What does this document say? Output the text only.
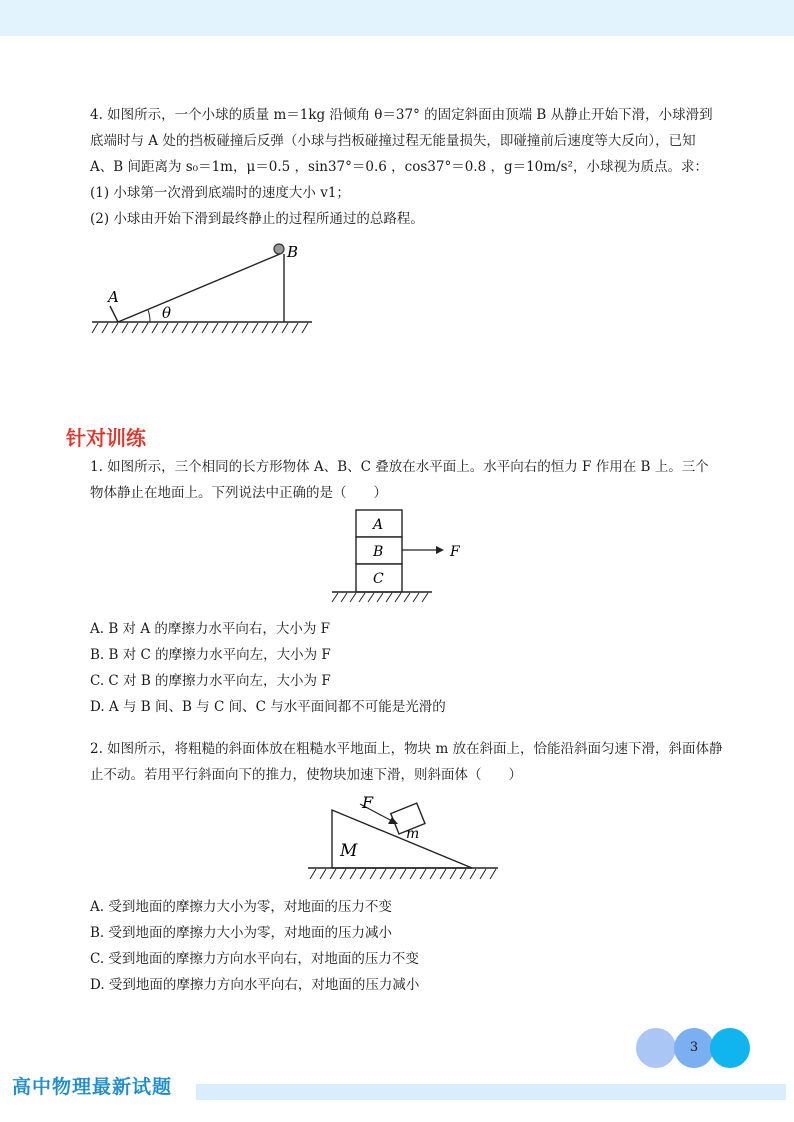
4. 如图所示，一个小球的质量 m＝1kg 沿倾角 θ＝37° 的固定斜面由顶端 B 从静止开始下滑，小球滑到
底端时与 A 处的挡板碰撞后反弹（小球与挡板碰撞过程无能量损失，即碰撞前后速度等大反向），已知
A、B 间距离为 s₀＝1m，μ＝0.5 ，sin37°＝0.6 ，cos37°＝0.8 ，g＝10m/s²，小球视为质点。求：
(1) 小球第一次滑到底端时的速度大小 v1；
(2) 小球由开始下滑到最终静止的过程所通过的总路程。
A
B
θ
针对训练
1. 如图所示，三个相同的长方形物体 A、B、C 叠放在水平面上。水平向右的恒力 F 作用在 B 上。三个
物体静止在地面上。下列说法中正确的是（　　）
A
B
C
F
A. B 对 A 的摩擦力水平向右，大小为 F
B. B 对 C 的摩擦力水平向左，大小为 F
C. C 对 B 的摩擦力水平向左，大小为 F
D. A 与 B 间、B 与 C 间、C 与水平面间都不可能是光滑的
2. 如图所示，将粗糙的斜面体放在粗糙水平地面上，物块 m 放在斜面上，恰能沿斜面匀速下滑，斜面体静
止不动。若用平行斜面向下的推力，使物块加速下滑，则斜面体（　　）
F
m
M
A. 受到地面的摩擦力大小为零，对地面的压力不变
B. 受到地面的摩擦力大小为零，对地面的压力减小
C. 受到地面的摩擦力方向水平向右，对地面的压力不变
D. 受到地面的摩擦力方向水平向右，对地面的压力减小
3
高中物理最新试题
